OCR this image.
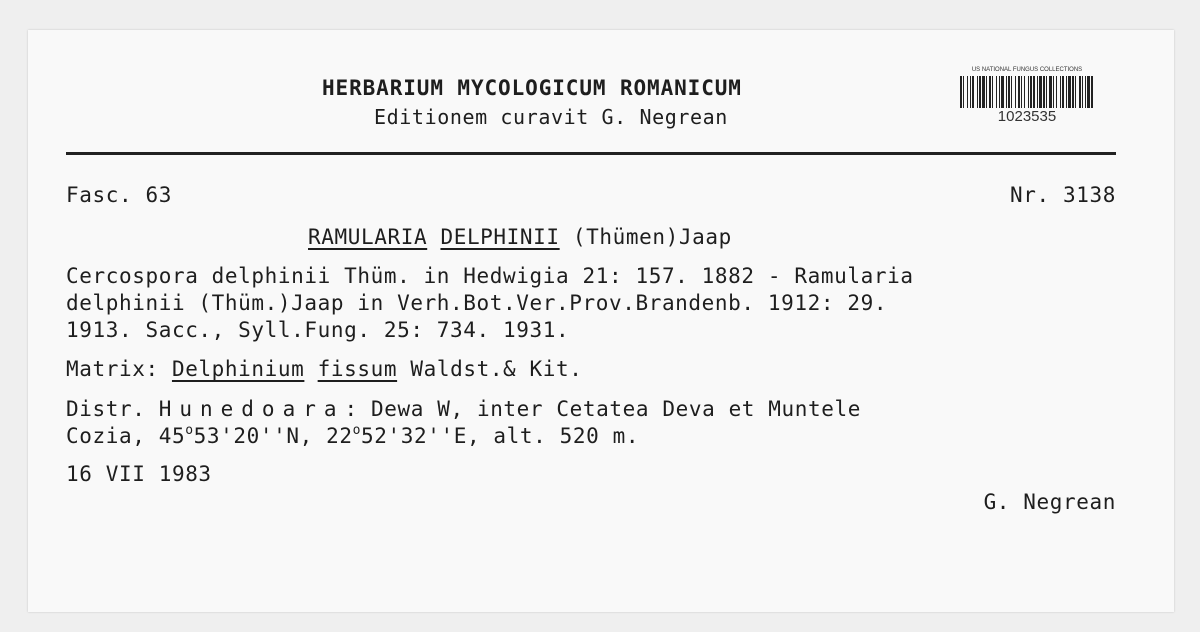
HERBARIUM MYCOLOGICUM ROMANICUM
Editionem curavit G. Negrean
US NATIONAL FUNGUS COLLECTIONS
1023535
Fasc. 63	Nr. 3138
RAMULARIA DELPHINII (Thümen)Jaap
Cercospora delphinii Thüm. in Hedwigia 21: 157. 1882 - Ramularia
delphinii (Thüm.)Jaap in Verh.Bot.Ver.Prov.Brandenb. 1912: 29.
1913. Sacc., Syll.Fung. 25: 734. 1931.
Matrix: Delphinium fissum Waldst.& Kit.
Distr. Hunedoara: Dewa W, inter Cetatea Deva et Muntele
Cozia, 45$^o$53'20''N, 22$^o$52'32''E, alt. 520 m.
16 VII 1983
G. Negrean
